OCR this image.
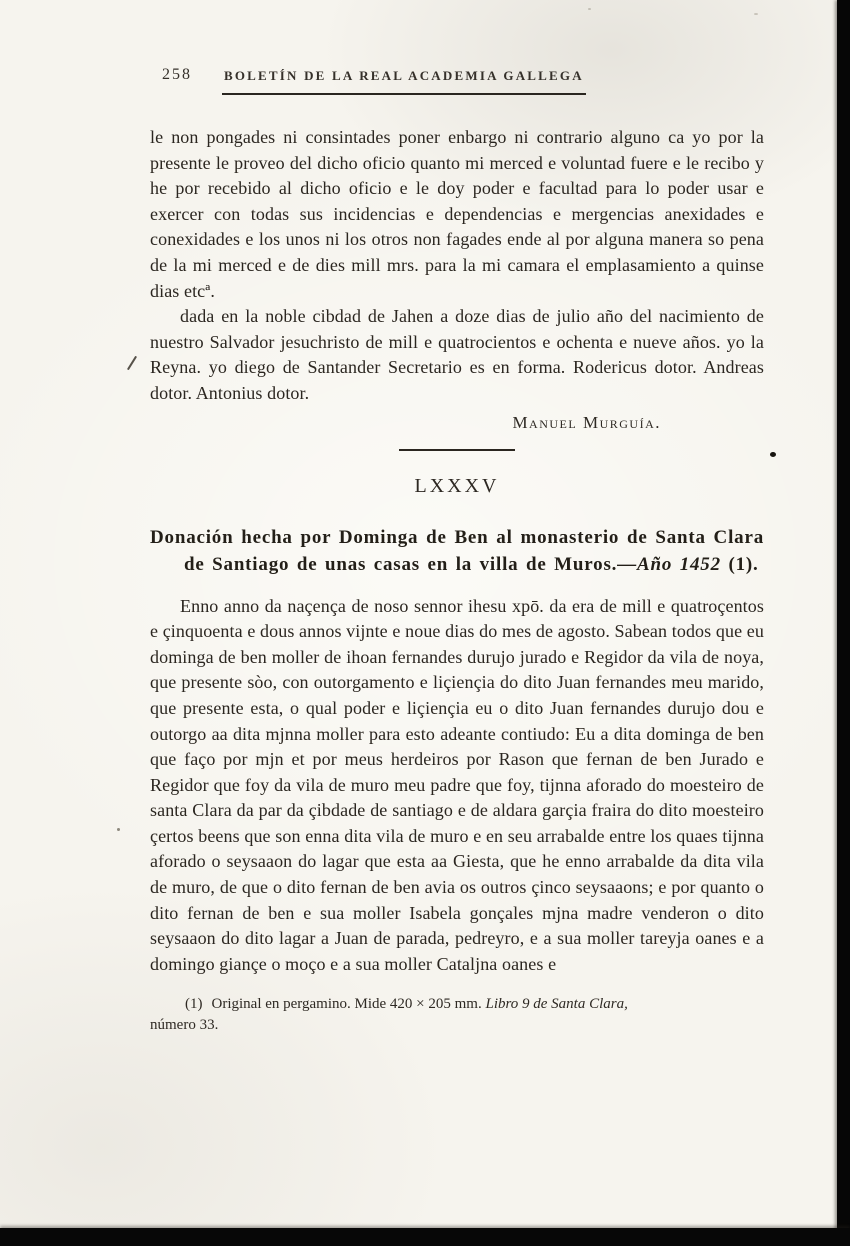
258 BOLETÍN DE LA REAL ACADEMIA GALLEGA

le non pongades ni consintades poner enbargo ni contrario alguno ca yo por la presente le proveo del dicho oficio quanto mi merced e voluntad fuere e le recibo y he por recebido al dicho oficio e le doy poder e facultad para lo poder usar e exercer con todas sus incidencias e dependencias e mergencias anexidades e conexidades e los unos ni los otros non fagades ende al por alguna manera so pena de la mi merced e de dies mill mrs. para la mi camara el emplasamiento a quinse dias etcª.

dada en la noble cibdad de Jahen a doze dias de julio año del nacimiento de nuestro Salvador jesuchristo de mill e quatrocientos e ochenta e nueve años. yo la Reyna. yo diego de Santander Secretario es en forma. Rodericus dotor. Andreas dotor. Antonius dotor.

Manuel Murguía.

LXXXV
Donación hecha por Dominga de Ben al monasterio de Santa Clara de Santiago de unas casas en la villa de Muros.—Año 1452 (1).

Enno anno da naçença de noso sennor ihesu xpō. da era de mill e quatroçentos e çinquoenta e dous annos vijnte e noue dias do mes de agosto. Sabean todos que eu dominga de ben moller de ihoan fernandes durujo jurado e Regidor da vila de noya, que presente sòo, con outorgamento e liçiençia do dito Juan fernandes meu marido, que presente esta, o qual poder e liçiençia eu o dito Juan fernandes durujo dou e outorgo aa dita mjnna moller para esto adeante contiudo: Eu a dita dominga de ben que faço por mjn et por meus herdeiros por Rason que fernan de ben Jurado e Regidor que foy da vila de muro meu padre que foy, tijnna aforado do moesteiro de santa Clara da par da çibdade de santiago e de aldara garçia fraira do dito moesteiro çertos beens que son enna dita vila de muro e en seu arrabalde entre los quaes tijnna aforado o seysaaon do lagar que esta aa Giesta, que he enno arrabalde da dita vila de muro, de que o dito fernan de ben avia os outros çinco seysaaons; e por quanto o dito fernan de ben e sua moller Isabela gonçales mjna madre venderon o dito seysaaon do dito lagar a Juan de parada, pedreyro, e a sua moller tareyja oanes e a domingo giançe o moço e a sua moller Cataljna oanes e

(1) Original en pergamino. Mide 420 × 205 mm. Libro 9 de Santa Clara,
número 33.
